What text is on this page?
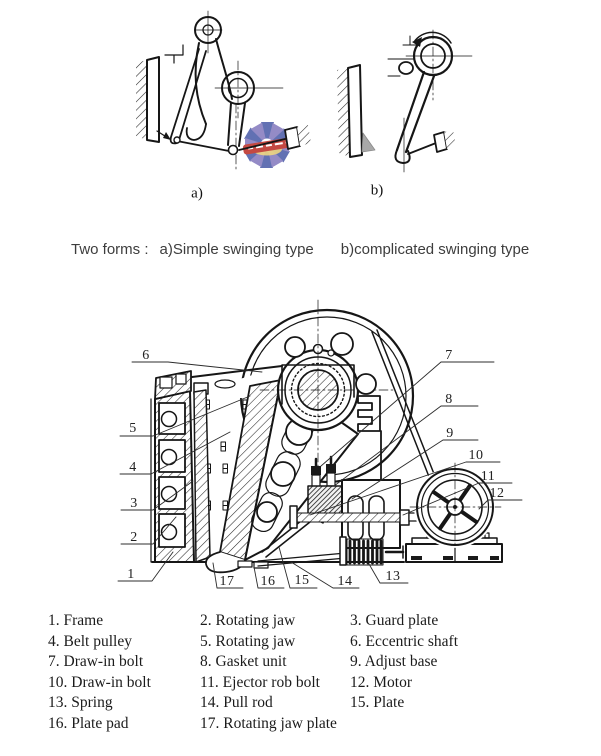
a)	b)
Two forms : a)Simple swinging type b)complicated swinging type
1
2
3
4
5
6	7
8
9
10
11
12
13
14
15
16
17
1. Frame	2. Rotating jaw	3. Guard plate
4. Belt pulley	5. Rotating jaw	6. Eccentric shaft
7. Draw-in bolt	8. Gasket unit	9. Adjust base
10. Draw-in bolt	11. Ejector rob bolt	12. Motor
13. Spring	14. Pull rod	15. Plate
16. Plate pad	17. Rotating jaw plate
